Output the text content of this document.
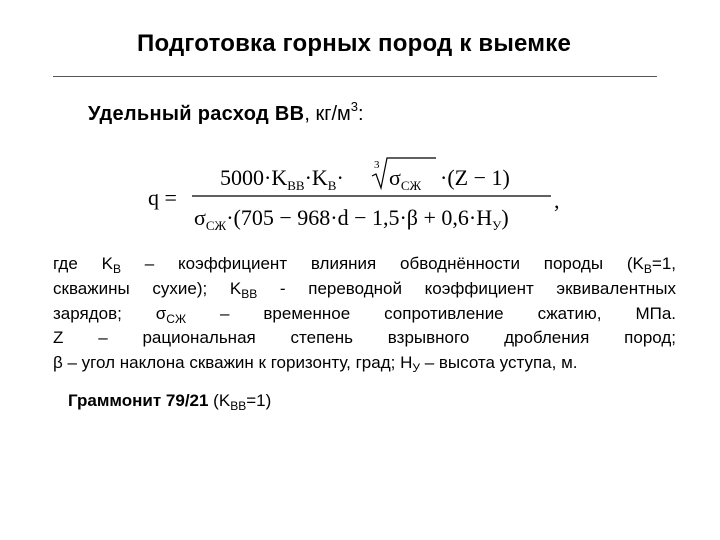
Подготовка горных пород к выемке
Удельный расход ВВ, $кг/м^3$:
q =
$5000\cdot K_{ВВ}\cdot K_В\cdot$	3 $\sigma_{СЖ} \cdot(Z - 1)$
$\sigma_{СЖ}\cdot(705 - 968\cdot d - 1,5\cdot\beta + 0,6\cdot H_У)$
,
где $K_В$ – коэффициент влияния обводнённости породы ($K_В=1$,
скважины сухие); $K_{ВВ}$ - переводной коэффициент эквивалентных
зарядов; $\sigma_{СЖ}$ – временное сопротивление сжатию, МПа.
Z – рациональная степень взрывного дробления пород;
β – угол наклона скважин к горизонту, град; $H_У$ – высота уступа, м.
Граммонит 79/21 $(K_{ВВ}=1)$
